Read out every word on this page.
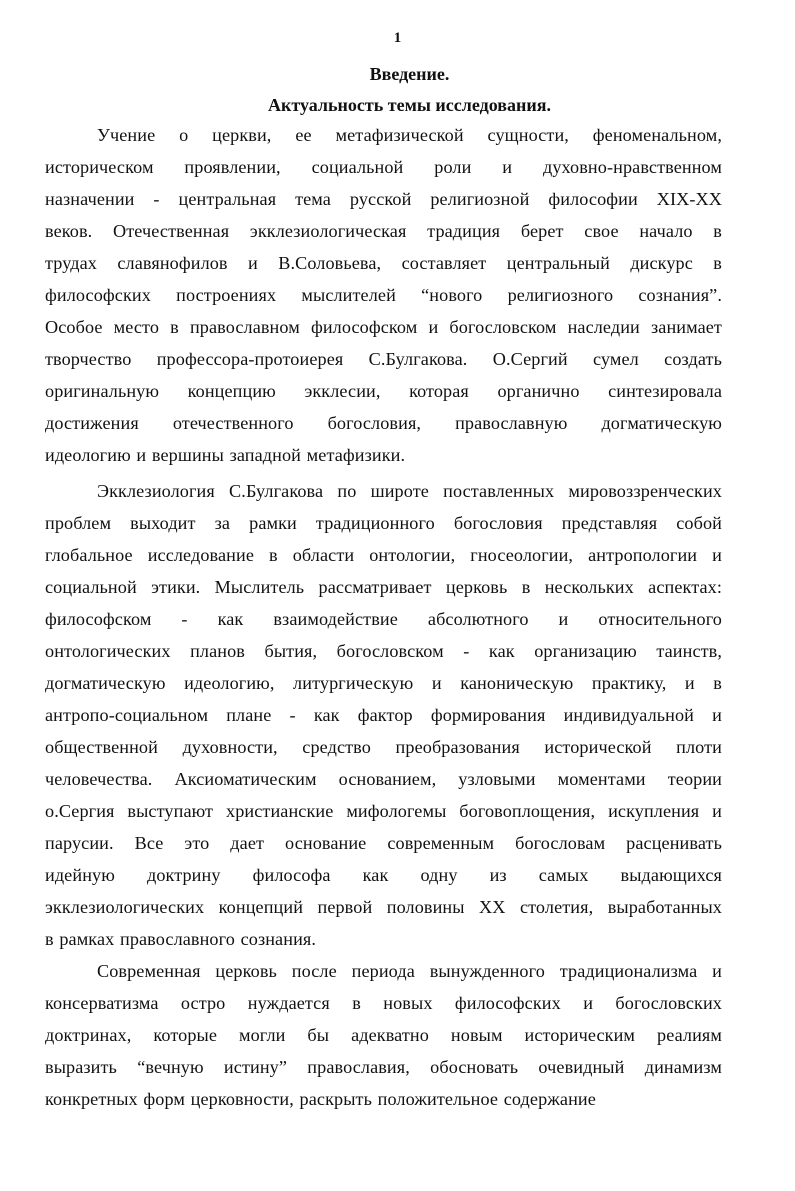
1
Введение.
Актуальность темы исследования.
Учение о церкви, ее метафизической сущности, феноменальном,
историческом проявлении, социальной роли и духовно-нравственном
назначении - центральная тема русской религиозной философии XIX-XX
веков. Отечественная экклезиологическая традиция берет свое начало в
трудах славянофилов и В.Соловьева, составляет центральный дискурс в
философских построениях мыслителей “нового религиозного сознания”.
Особое место в православном философском и богословском наследии занимает
творчество профессора-протоиерея С.Булгакова. О.Сергий сумел создать
оригинальную концепцию экклесии, которая органично синтезировала
достижения отечественного богословия, православную догматическую
идеологию и вершины западной метафизики.
Экклезиология С.Булгакова по широте поставленных мировоззренческих
проблем выходит за рамки традиционного богословия представляя собой
глобальное исследование в области онтологии, гносеологии, антропологии и
социальной этики. Мыслитель рассматривает церковь в нескольких аспектах:
философском - как взаимодействие абсолютного и относительного
онтологических планов бытия, богословском - как организацию таинств,
догматическую идеологию, литургическую и каноническую практику, и в
антропо-социальном плане - как фактор формирования индивидуальной и
общественной духовности, средство преобразования исторической плоти
человечества. Аксиоматическим основанием, узловыми моментами теории
о.Сергия выступают христианские мифологемы боговоплощения, искупления и
парусии. Все это дает основание современным богословам расценивать
идейную доктрину философа как одну из самых выдающихся
экклезиологических концепций первой половины XX столетия, выработанных
в рамках православного сознания.
Современная церковь после периода вынужденного традиционализма и
консерватизма остро нуждается в новых философских и богословских
доктринах, которые могли бы адекватно новым историческим реалиям
выразить “вечную истину” православия, обосновать очевидный динамизм
конкретных форм церковности, раскрыть положительное содержание
